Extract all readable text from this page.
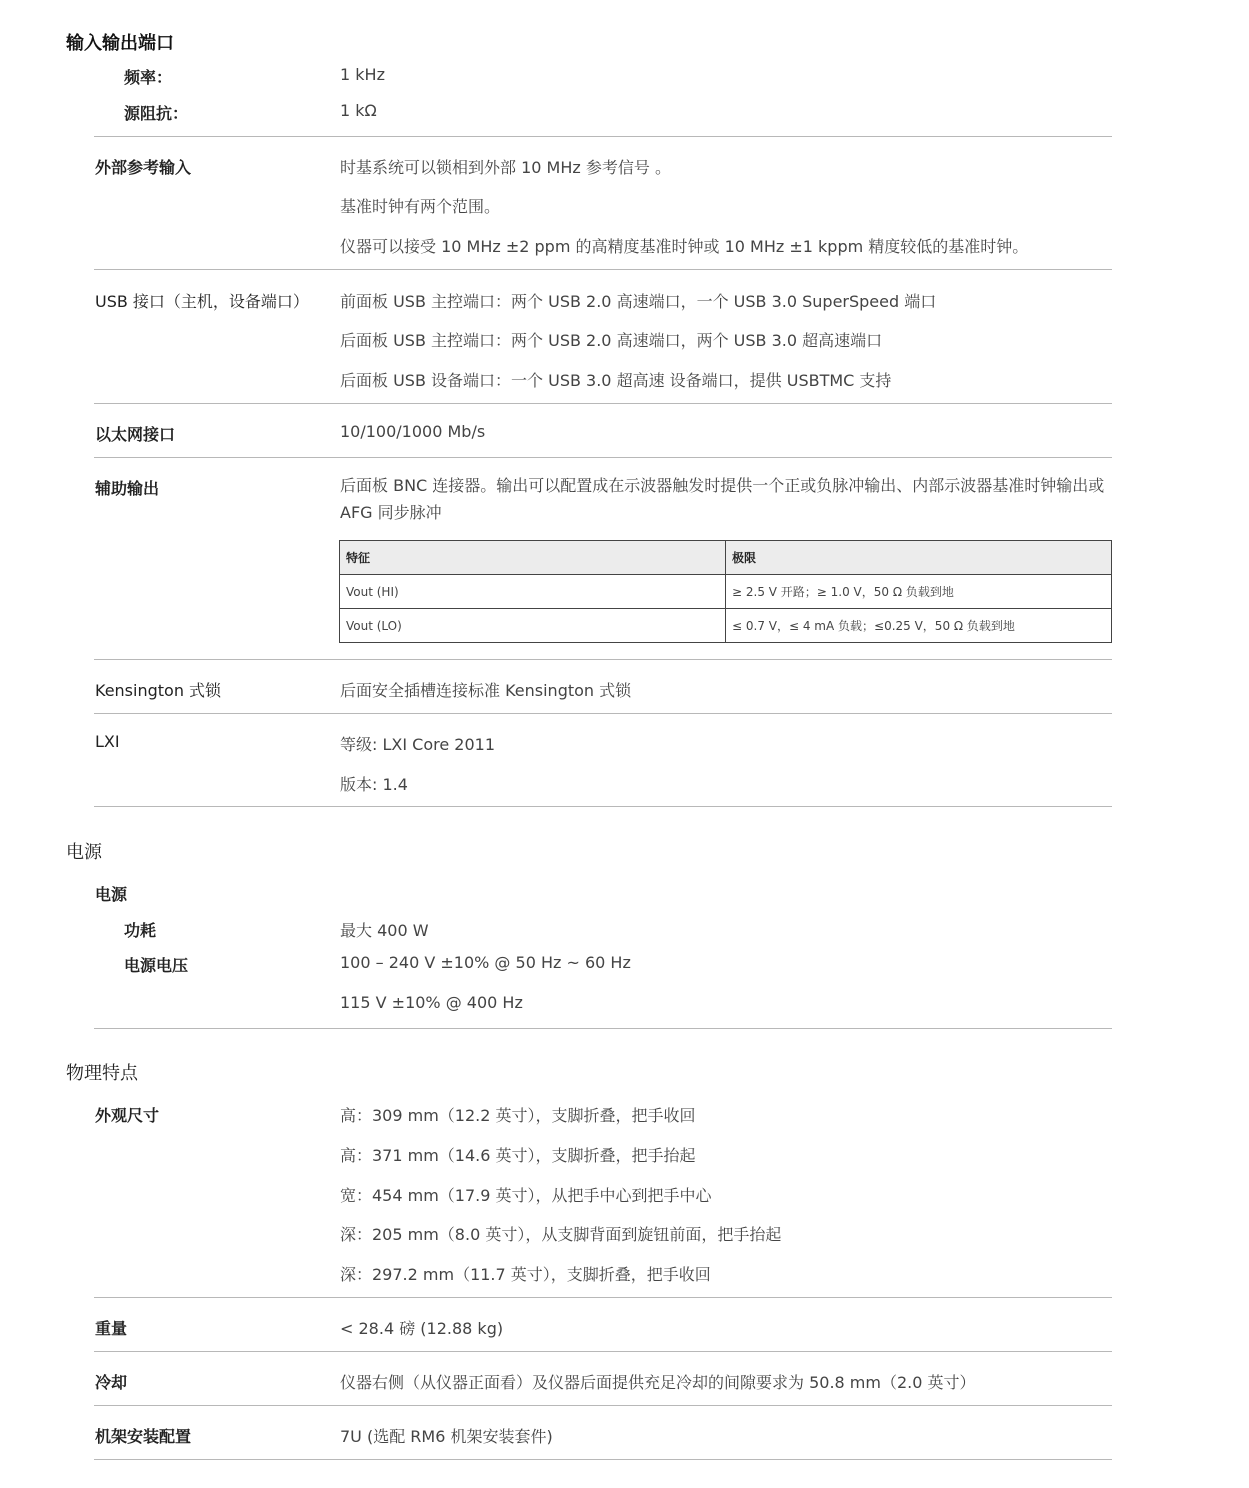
输入输出端口
频率：	1 kHz
源阻抗：	1 kΩ
外部参考输入	时基系统可以锁相到外部 10 MHz 参考信号 。
基准时钟有两个范围。
仪器可以接受 10 MHz ±2 ppm 的高精度基准时钟或 10 MHz ±1 kppm 精度较低的基准时钟。
USB 接口（主机，设备端口） 前面板 USB 主控端口：两个 USB 2.0 高速端口，一个 USB 3.0 SuperSpeed 端口
后面板 USB 主控端口：两个 USB 2.0 高速端口，两个 USB 3.0 超高速端口
后面板 USB 设备端口：一个 USB 3.0 超高速 设备端口，提供 USBTMC 支持
以太网接口	10/100/1000 Mb/s
辅助输出	后面板 BNC 连接器。输出可以配置成在示波器触发时提供一个正或负脉冲输出、内部示波器基准时钟输出或 AFG 同步脉冲
特征	极限
Vout (HI)	≥ 2.5 V 开路；≥ 1.0 V，50 Ω 负载到地
Vout (LO)	≤ 0.7 V，≤ 4 mA 负载；≤0.25 V，50 Ω 负载到地
Kensington 式锁	后面安全插槽连接标准 Kensington 式锁
LXI	等级: LXI Core 2011
版本: 1.4
电源
电源
功耗	最大 400 W
电源电压	100 – 240 V ±10% @ 50 Hz ~ 60 Hz
115 V ±10% @ 400 Hz
物理特点
外观尺寸	高：309 mm（12.2 英寸），支脚折叠，把手收回
高：371 mm（14.6 英寸），支脚折叠，把手抬起
宽：454 mm（17.9 英寸），从把手中心到把手中心
深：205 mm（8.0 英寸），从支脚背面到旋钮前面，把手抬起
深：297.2 mm（11.7 英寸），支脚折叠，把手收回
重量	< 28.4 磅 (12.88 kg)
冷却	仪器右侧（从仪器正面看）及仪器后面提供充足冷却的间隙要求为 50.8 mm（2.0 英寸）
机架安装配置	7U (选配 RM6 机架安装套件)
